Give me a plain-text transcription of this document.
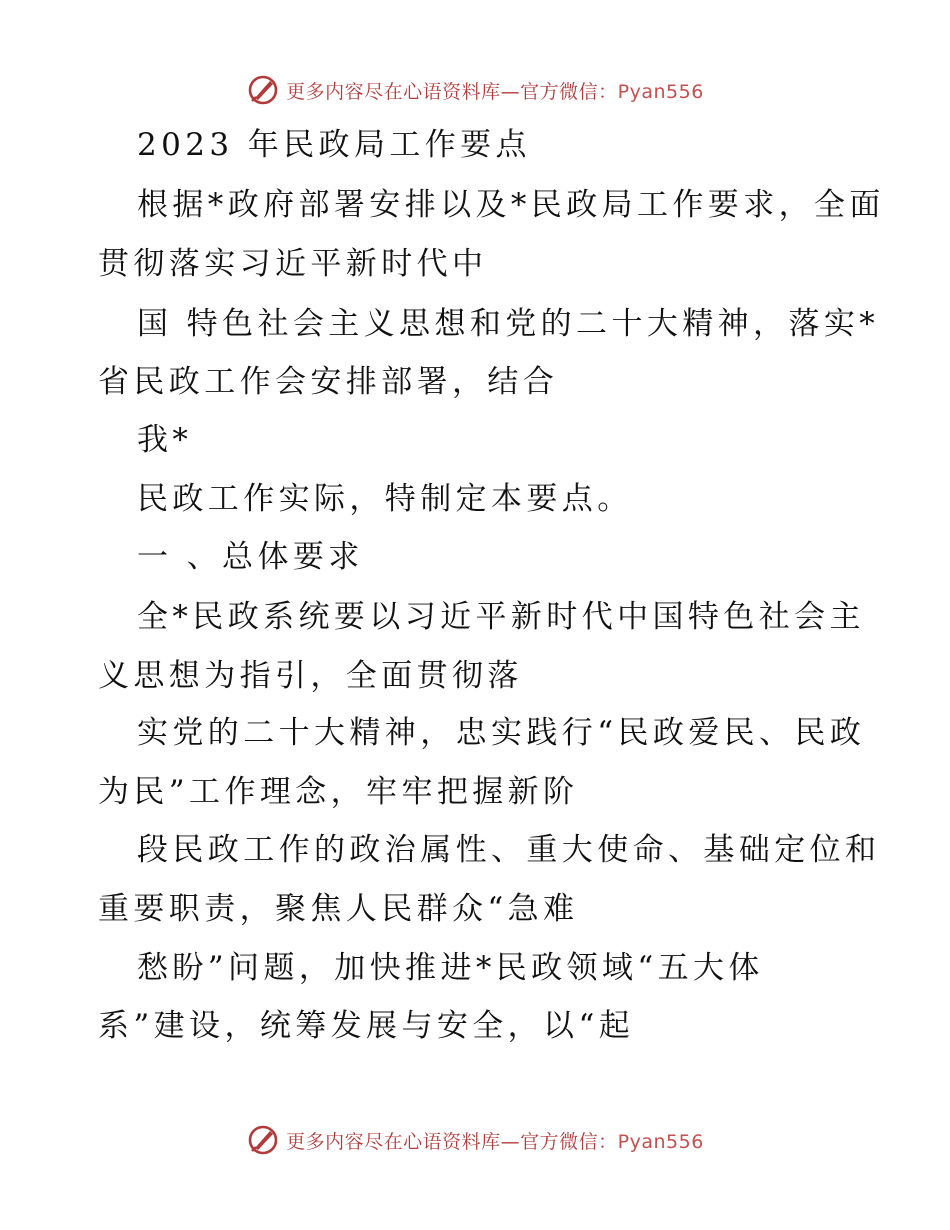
更多内容尽在心语资料库—官方微信：Pyan556
2023 年民政局工作要点
根据*政府部署安排以及*民政局工作要求，全面
贯彻落实习近平新时代中
国 特色社会主义思想和党的二十大精神，落实*
省民政工作会安排部署，结合
我*
民政工作实际，特制定本要点。
一 、总体要求
全*民政系统要以习近平新时代中国特色社会主
义思想为指引，全面贯彻落
实党的二十大精神，忠实践行“民政爱民、民政
为民”工作理念，牢牢把握新阶
段民政工作的政治属性、重大使命、基础定位和
重要职责，聚焦人民群众“急难
愁盼”问题，加快推进*民政领域“五大体
系”建设，统筹发展与安全，以“起
更多内容尽在心语资料库—官方微信：Pyan556
